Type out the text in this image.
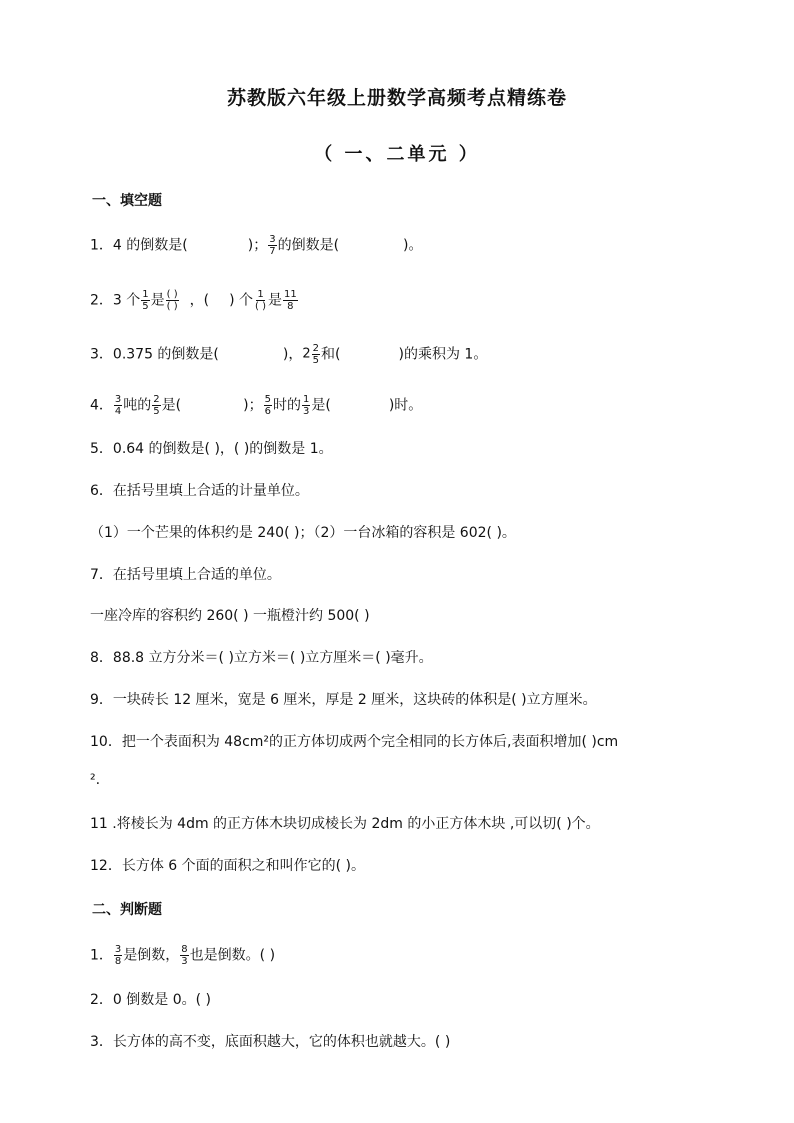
苏教版六年级上册数学高频考点精练卷
（ 一、二单元 ）
一、填空题
1．4 的倒数是(	)； $\frac{3}{7}$ 的倒数是(	)。
2．3 个 $\frac{1}{5}$ 是 $\frac{( )}{( )}$ ，( ) 个 $\frac{1}{( )}$ 是 $\frac{11}{8}$
3．0.375 的倒数是(	)，$2 \frac{2}{5}$ 和(	)的乘积为 1。
4． $\frac{3}{4}$ 吨的 $\frac{2}{5}$ 是(	)； $\frac{5}{6}$ 时的 $\frac{1}{3}$ 是(	)时。
5．0.64 的倒数是( )，( )的倒数是 1。
6．在括号里填上合适的计量单位。
（1）一个芒果的体积约是 240( )；（2）一台冰箱的容积是 602( )。
7．在括号里填上合适的单位。
一座冷库的容积约 260( ) 一瓶橙汁约 500( )
8．88.8 立方分米＝( )立方米＝( )立方厘米＝( )毫升。
9．一块砖长 12 厘米，宽是 6 厘米，厚是 2 厘米，这块砖的体积是( )立方厘米。
10．把一个表面积为 48cm²的正方体切成两个完全相同的长方体后,表面积增加( )cm
².
11 .将棱长为 4dm 的正方体木块切成棱长为 2dm 的小正方体木块 ,可以切( )个。
12．长方体 6 个面的面积之和叫作它的( )。
二、判断题
1． $\frac{3}{8}$ 是倒数， $\frac{8}{3}$ 也是倒数。( )
2．0 倒数是 0。( )
3．长方体的高不变，底面积越大，它的体积也就越大。( )
